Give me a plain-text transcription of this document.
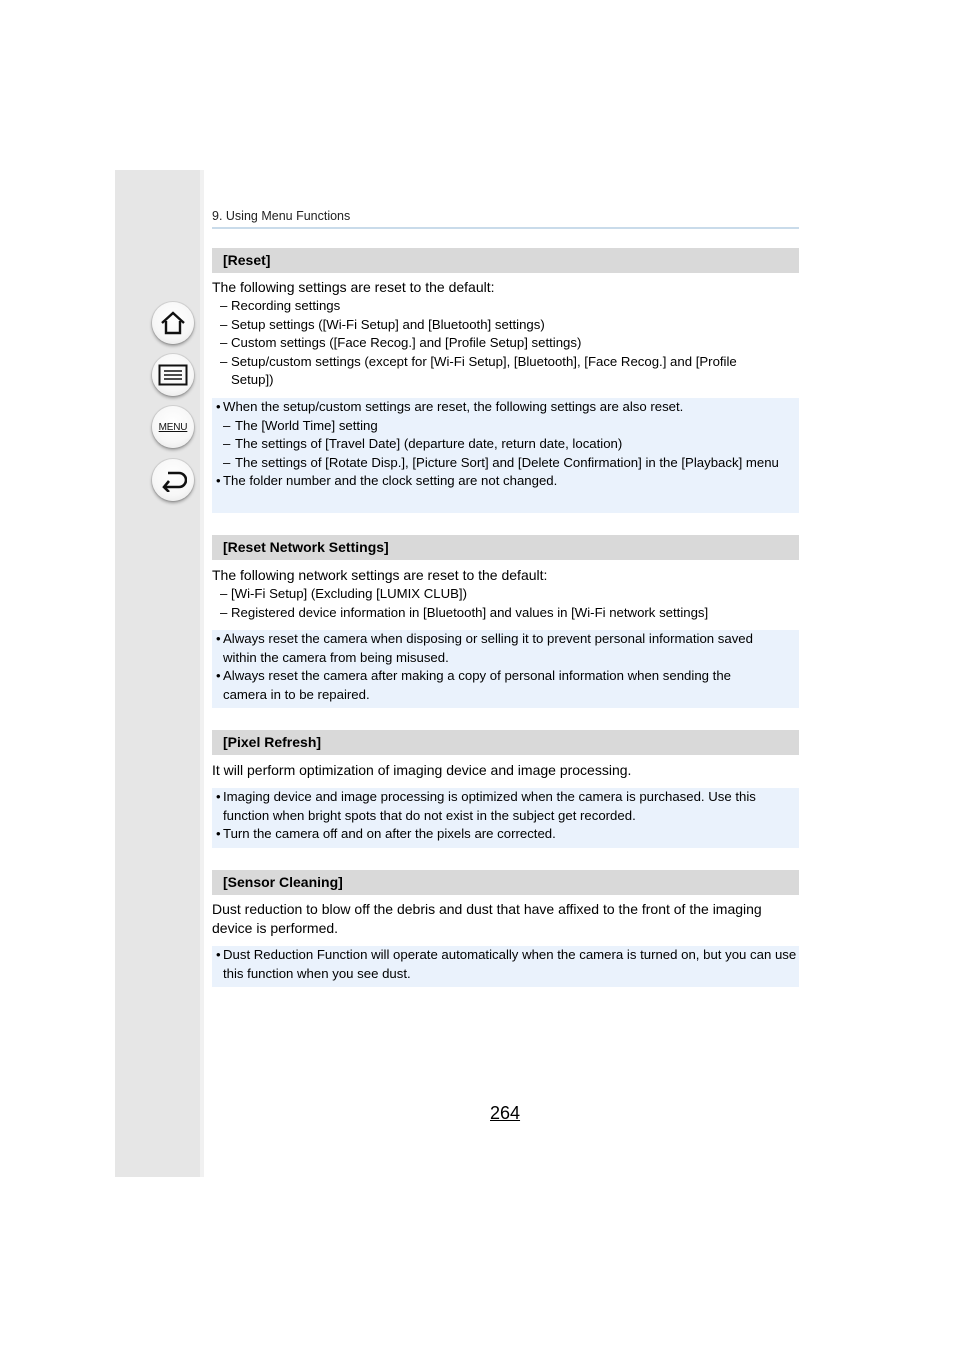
MENU
9. Using Menu Functions
[Reset]
The following settings are reset to the default:
– Recording settings
– Setup settings ([Wi-Fi Setup] and [Bluetooth] settings)
– Custom settings ([Face Recog.] and [Profile Setup] settings)
– Setup/custom settings (except for [Wi-Fi Setup], [Bluetooth], [Face Recog.] and [Profile Setup])
• When the setup/custom settings are reset, the following settings are also reset.
– The [World Time] setting
– The settings of [Travel Date] (departure date, return date, location)
– The settings of [Rotate Disp.], [Picture Sort] and [Delete Confirmation] in the [Playback] menu
• The folder number and the clock setting are not changed.
[Reset Network Settings]
The following network settings are reset to the default:
– [Wi-Fi Setup] (Excluding [LUMIX CLUB])
– Registered device information in [Bluetooth] and values in [Wi-Fi network settings]
• Always reset the camera when disposing or selling it to prevent personal information saved within the camera from being misused.
• Always reset the camera after making a copy of personal information when sending the camera in to be repaired.
[Pixel Refresh]
It will perform optimization of imaging device and image processing.
• Imaging device and image processing is optimized when the camera is purchased. Use this function when bright spots that do not exist in the subject get recorded.
• Turn the camera off and on after the pixels are corrected.
[Sensor Cleaning]
Dust reduction to blow off the debris and dust that have affixed to the front of the imaging device is performed.
• Dust Reduction Function will operate automatically when the camera is turned on, but you can use this function when you see dust.
264
